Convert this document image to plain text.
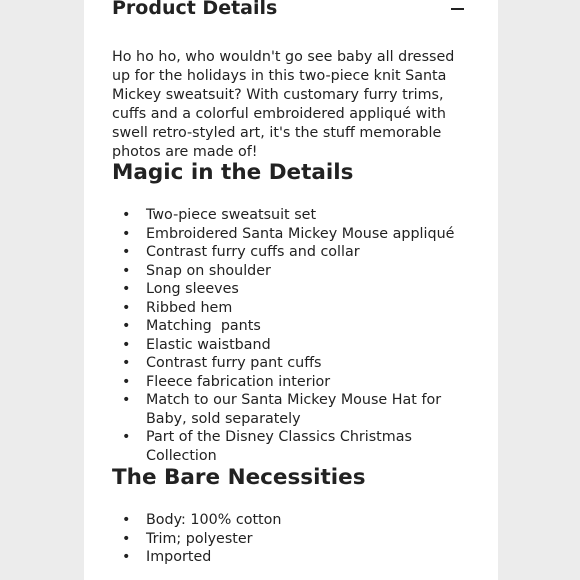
Product Details

Ho ho ho, who wouldn't go see baby all dressed up for the holidays in this two-piece knit Santa Mickey sweatsuit? With customary furry trims, cuffs and a colorful embroidered appliqué with swell retro-styled art, it's the stuff memorable photos are made of!

Magic in the Details
• Two-piece sweatsuit set
• Embroidered Santa Mickey Mouse appliqué
• Contrast furry cuffs and collar
• Snap on shoulder
• Long sleeves
• Ribbed hem
• Matching  pants
• Elastic waistband
• Contrast furry pant cuffs
• Fleece fabrication interior
• Match to our Santa Mickey Mouse Hat for Baby, sold separately
• Part of the Disney Classics Christmas Collection
The Bare Necessities
• Body: 100% cotton
• Trim; polyester
• Imported
